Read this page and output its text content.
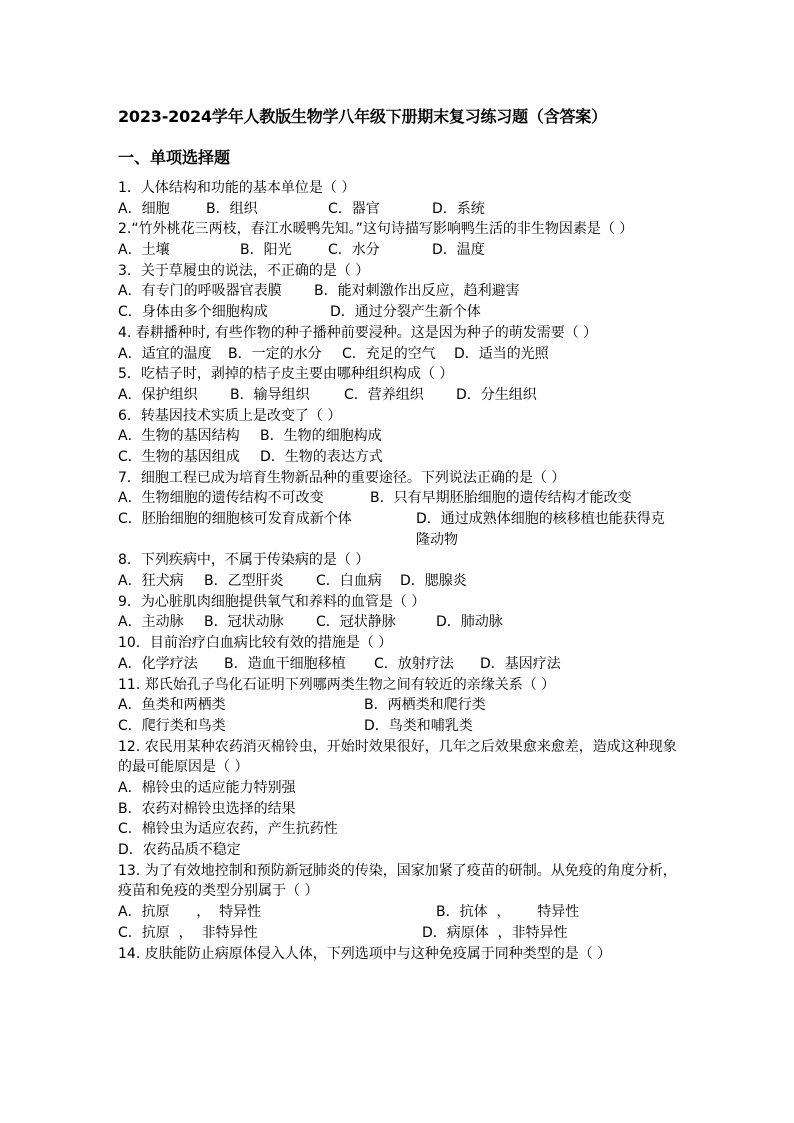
2023-2024学年人教版生物学八年级下册期末复习练习题（含答案）
一、单项选择题
1．人体结构和功能的基本单位是（ ）
A．细胞	B．组织	C．器官	D．系统
2.“竹外桃花三两枝，春江水暖鸭先知。”这句诗描写影响鸭生活的非生物因素是（ ）
A．土壤	B．阳光	C．水分	D．温度
3．关于草履虫的说法，不正确的是（ ）
A．有专门的呼吸器官表膜 B．能对刺激作出反应，趋利避害
C．身体由多个细胞构成	D．通过分裂产生新个体
4. 春耕播种时, 有些作物的种子播种前要浸种。这是因为种子的萌发需要（ ）
A．适宜的温度 B．一定的水分 C．充足的空气 D．适当的光照
5．吃桔子时，剥掉的桔子皮主要由哪种组织构成（ ）
A．保护组织 B．输导组织 C．营养组织 D．分生组织
6．转基因技术实质上是改变了（ ）
A．生物的基因结构 B．生物的细胞构成
C．生物的基因组成 D．生物的表达方式
7．细胞工程已成为培育生物新品种的重要途径。下列说法正确的是（ ）
A．生物细胞的遗传结构不可改变	B．只有早期胚胎细胞的遗传结构才能改变
C．胚胎细胞的细胞核可发育成新个体	D．通过成熟体细胞的核移植也能获得克隆动物
8．下列疾病中，不属于传染病的是（ ）
A．狂犬病 B．乙型肝炎 C．白血病 D．腮腺炎
9．为心脏肌肉细胞提供氧气和养料的血管是（ ）
A．主动脉 B．冠状动脉 C．冠状静脉	D．肺动脉
10．目前治疗白血病比较有效的措施是（ ）
A．化学疗法 B．造血干细胞移植 C．放射疗法 D．基因疗法
11. 郑氏始孔子鸟化石证明下列哪两类生物之间有较近的亲缘关系（ ）
A．鱼类和两栖类	B．两栖类和爬行类
C．爬行类和鸟类	D．鸟类和哺乳类
12. 农民用某种农药消灭棉铃虫，开始时效果很好，几年之后效果愈来愈差，造成这种现象的最可能原因是（ ）
A．棉铃虫的适应能力特别强
B．农药对棉铃虫选择的结果
C．棉铃虫为适应农药，产生抗药性
D．农药品质不稳定
13. 为了有效地控制和预防新冠肺炎的传染，国家加紧了疫苗的研制。从免疫的角度分析，疫苗和免疫的类型分别属于（ ）
A．抗原      ，  特异性	B．抗体  ，      特异性
C．抗原  ，  非特异性	D．病原体  ，非特异性
14. 皮肤能防止病原体侵入人体，下列选项中与这种免疫属于同种类型的是（ ）
